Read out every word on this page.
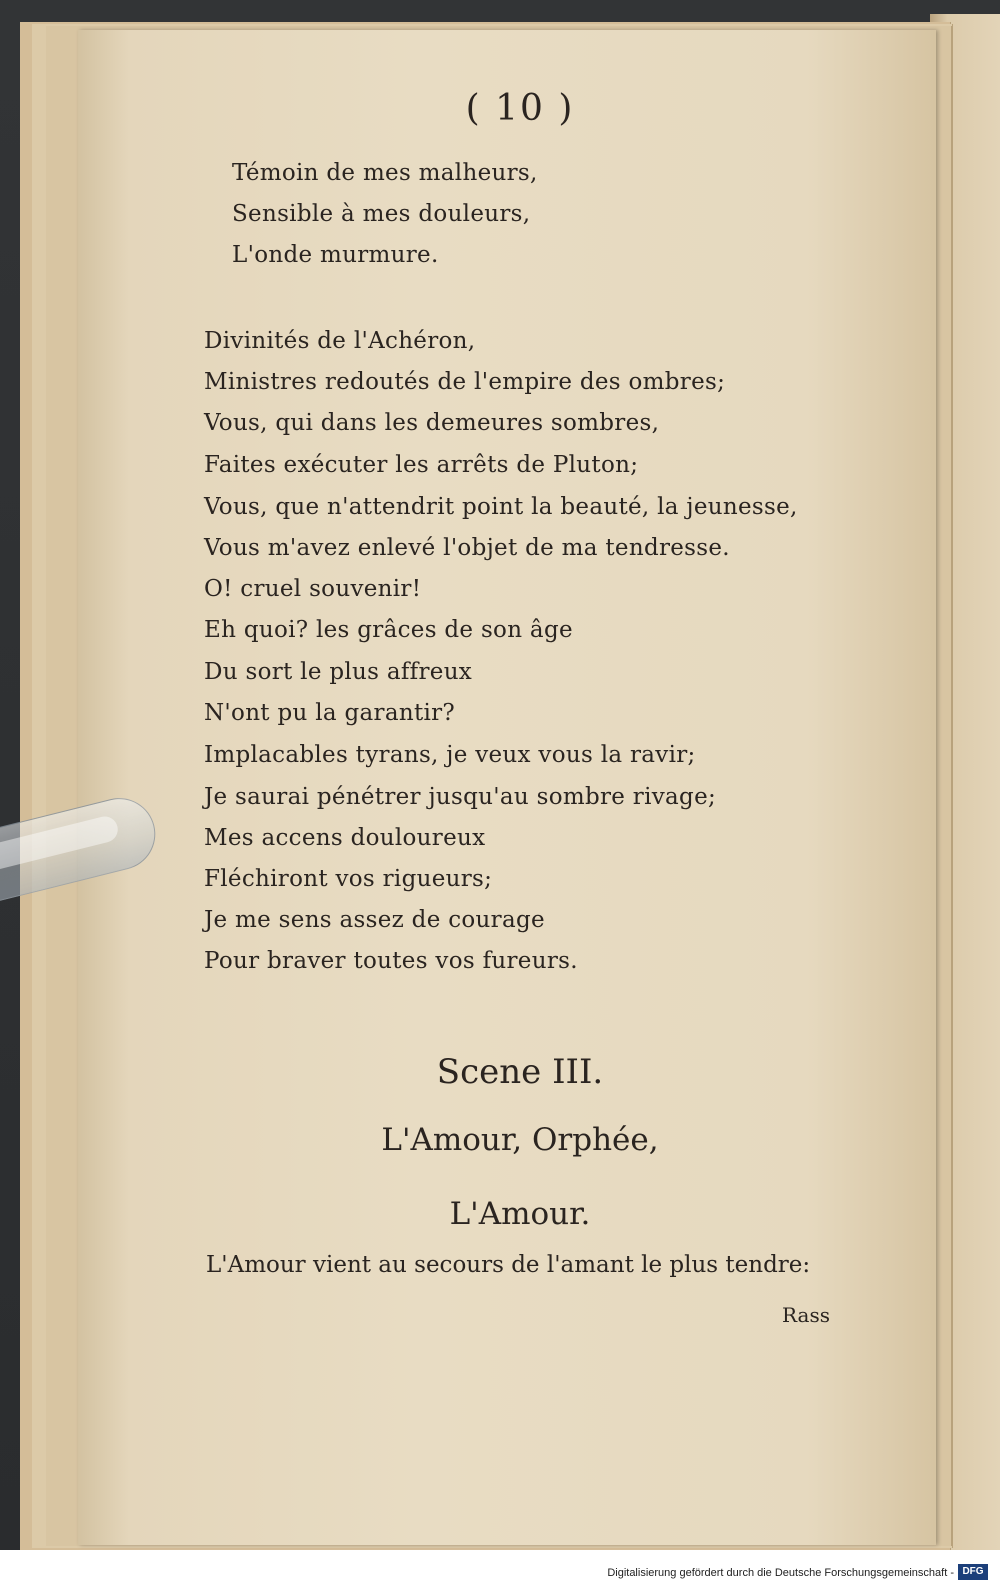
( 10 )
Témoin de mes malheurs,
Sensible à mes douleurs,
L'onde murmure.
Divinités de l'Achéron,
Ministres redoutés de l'empire des ombres;
Vous, qui dans les demeures sombres,
Faites exécuter les arrêts de Pluton;
Vous, que n'attendrit point la beauté, la jeunesse,
Vous m'avez enlevé l'objet de ma tendresse.
O! cruel souvenir!
Eh quoi? les grâces de son âge
Du sort le plus affreux
N'ont pu la garantir?
Implacables tyrans, je veux vous la ravir;
Je saurai pénétrer jusqu'au sombre rivage;
Mes accens douloureux
Fléchiront vos rigueurs;
Je me sens assez de courage
Pour braver toutes vos fureurs.
Scene III.
L'Amour, Orphée,
L'Amour.
L'Amour vient au secours de l'amant le plus tendre:
Rass
Digitalisierung gefördert durch die Deutsche Forschungsgemeinschaft - DFG
